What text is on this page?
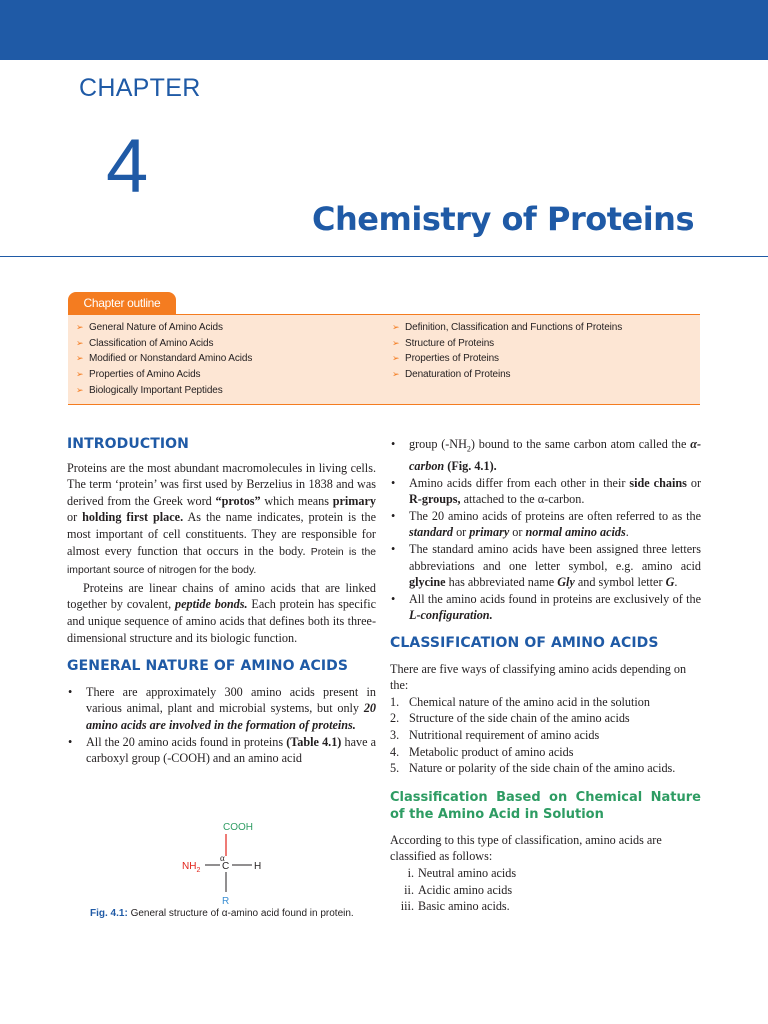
CHAPTER
4
Chemistry of Proteins
Chapter outline
➢ General Nature of Amino Acids
➢ Classification of Amino Acids
➢ Modified or Nonstandard Amino Acids
➢ Properties of Amino Acids
➢ Biologically Important Peptides
➢ Definition, Classification and Functions of Proteins
➢ Structure of Proteins
➢ Properties of Proteins
➢ Denaturation of Proteins
INTRODUCTION

Proteins are the most abundant macromolecules in living cells. The term ‘protein’ was first used by Berzelius in 1838 and was derived from the Greek word “protos” which means primary or holding first place. As the name indicates, protein is the most important of cell constituents. They are responsible for almost every function that occurs in the body. Protein is the important source of nitrogen for the body.

Proteins are linear chains of amino acids that are linked together by covalent, peptide bonds. Each protein has specific and unique sequence of amino acids that defines both its three-dimensional structure and its biologic function.

GENERAL NATURE OF AMINO ACIDS
• There are approximately 300 amino acids present in various animal, plant and microbial systems, but only 20 amino acids are involved in the formation of proteins.
• All the 20 amino acids found in proteins (Table 4.1) have a carboxyl group (-COOH) and an amino acid
COOH
α
$NH_2$ C H
R
Fig. 4.1: General structure of α-amino acid found in protein.
• group $(-NH_2)$ bound to the same carbon atom called the α-carbon (Fig. 4.1).
• Amino acids differ from each other in their side chains or R-groups, attached to the α-carbon.
• The 20 amino acids of proteins are often referred to as the standard or primary or normal amino acids.
• The standard amino acids have been assigned three letters abbreviations and one letter symbol, e.g. amino acid glycine has abbreviated name Gly and symbol letter G.
• All the amino acids found in proteins are exclusively of the L-configuration.
CLASSIFICATION OF AMINO ACIDS

There are five ways of classifying amino acids depending on the:

1. Chemical nature of the amino acid in the solution
2. Structure of the side chain of the amino acids
3. Nutritional requirement of amino acids
4. Metabolic product of amino acids
5. Nature or polarity of the side chain of the amino acids.
Classification Based on Chemical Nature of the Amino Acid in Solution

According to this type of classification, amino acids are classified as follows:

i. Neutral amino acids
ii. Acidic amino acids
iii. Basic amino acids.
